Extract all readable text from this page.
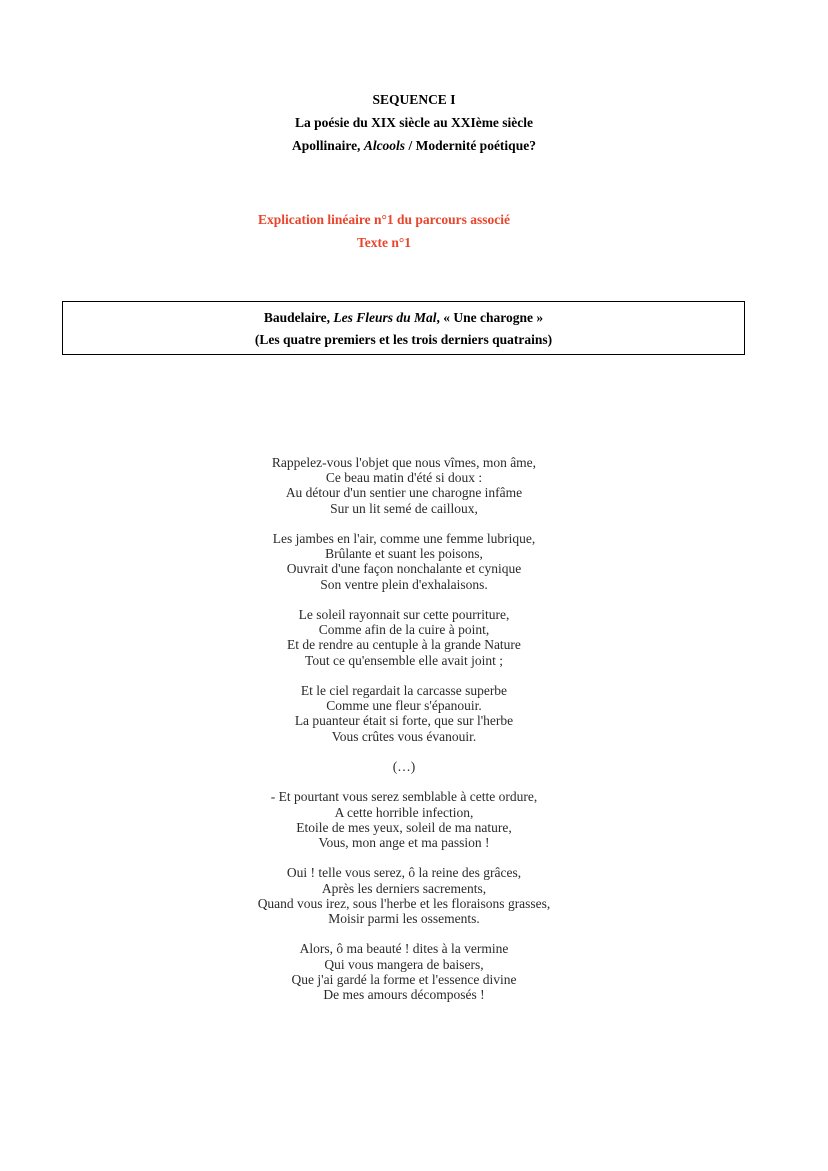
SEQUENCE I
La poésie du XIX siècle au XXIème siècle
Apollinaire, Alcools / Modernité poétique?
Explication linéaire n°1 du parcours associé
Texte n°1
Baudelaire, Les Fleurs du Mal, « Une charogne »
(Les quatre premiers et les trois derniers quatrains)
Rappelez-vous l'objet que nous vîmes, mon âme,
Ce beau matin d'été si doux :
Au détour d'un sentier une charogne infâme
Sur un lit semé de cailloux,
Les jambes en l'air, comme une femme lubrique,
Brûlante et suant les poisons,
Ouvrait d'une façon nonchalante et cynique
Son ventre plein d'exhalaisons.
Le soleil rayonnait sur cette pourriture,
Comme afin de la cuire à point,
Et de rendre au centuple à la grande Nature
Tout ce qu'ensemble elle avait joint ;
Et le ciel regardait la carcasse superbe
Comme une fleur s'épanouir.
La puanteur était si forte, que sur l'herbe
Vous crûtes vous évanouir.
(…)
- Et pourtant vous serez semblable à cette ordure,
A cette horrible infection,
Etoile de mes yeux, soleil de ma nature,
Vous, mon ange et ma passion !
Oui ! telle vous serez, ô la reine des grâces,
Après les derniers sacrements,
Quand vous irez, sous l'herbe et les floraisons grasses,
Moisir parmi les ossements.
Alors, ô ma beauté ! dites à la vermine
Qui vous mangera de baisers,
Que j'ai gardé la forme et l'essence divine
De mes amours décomposés !
